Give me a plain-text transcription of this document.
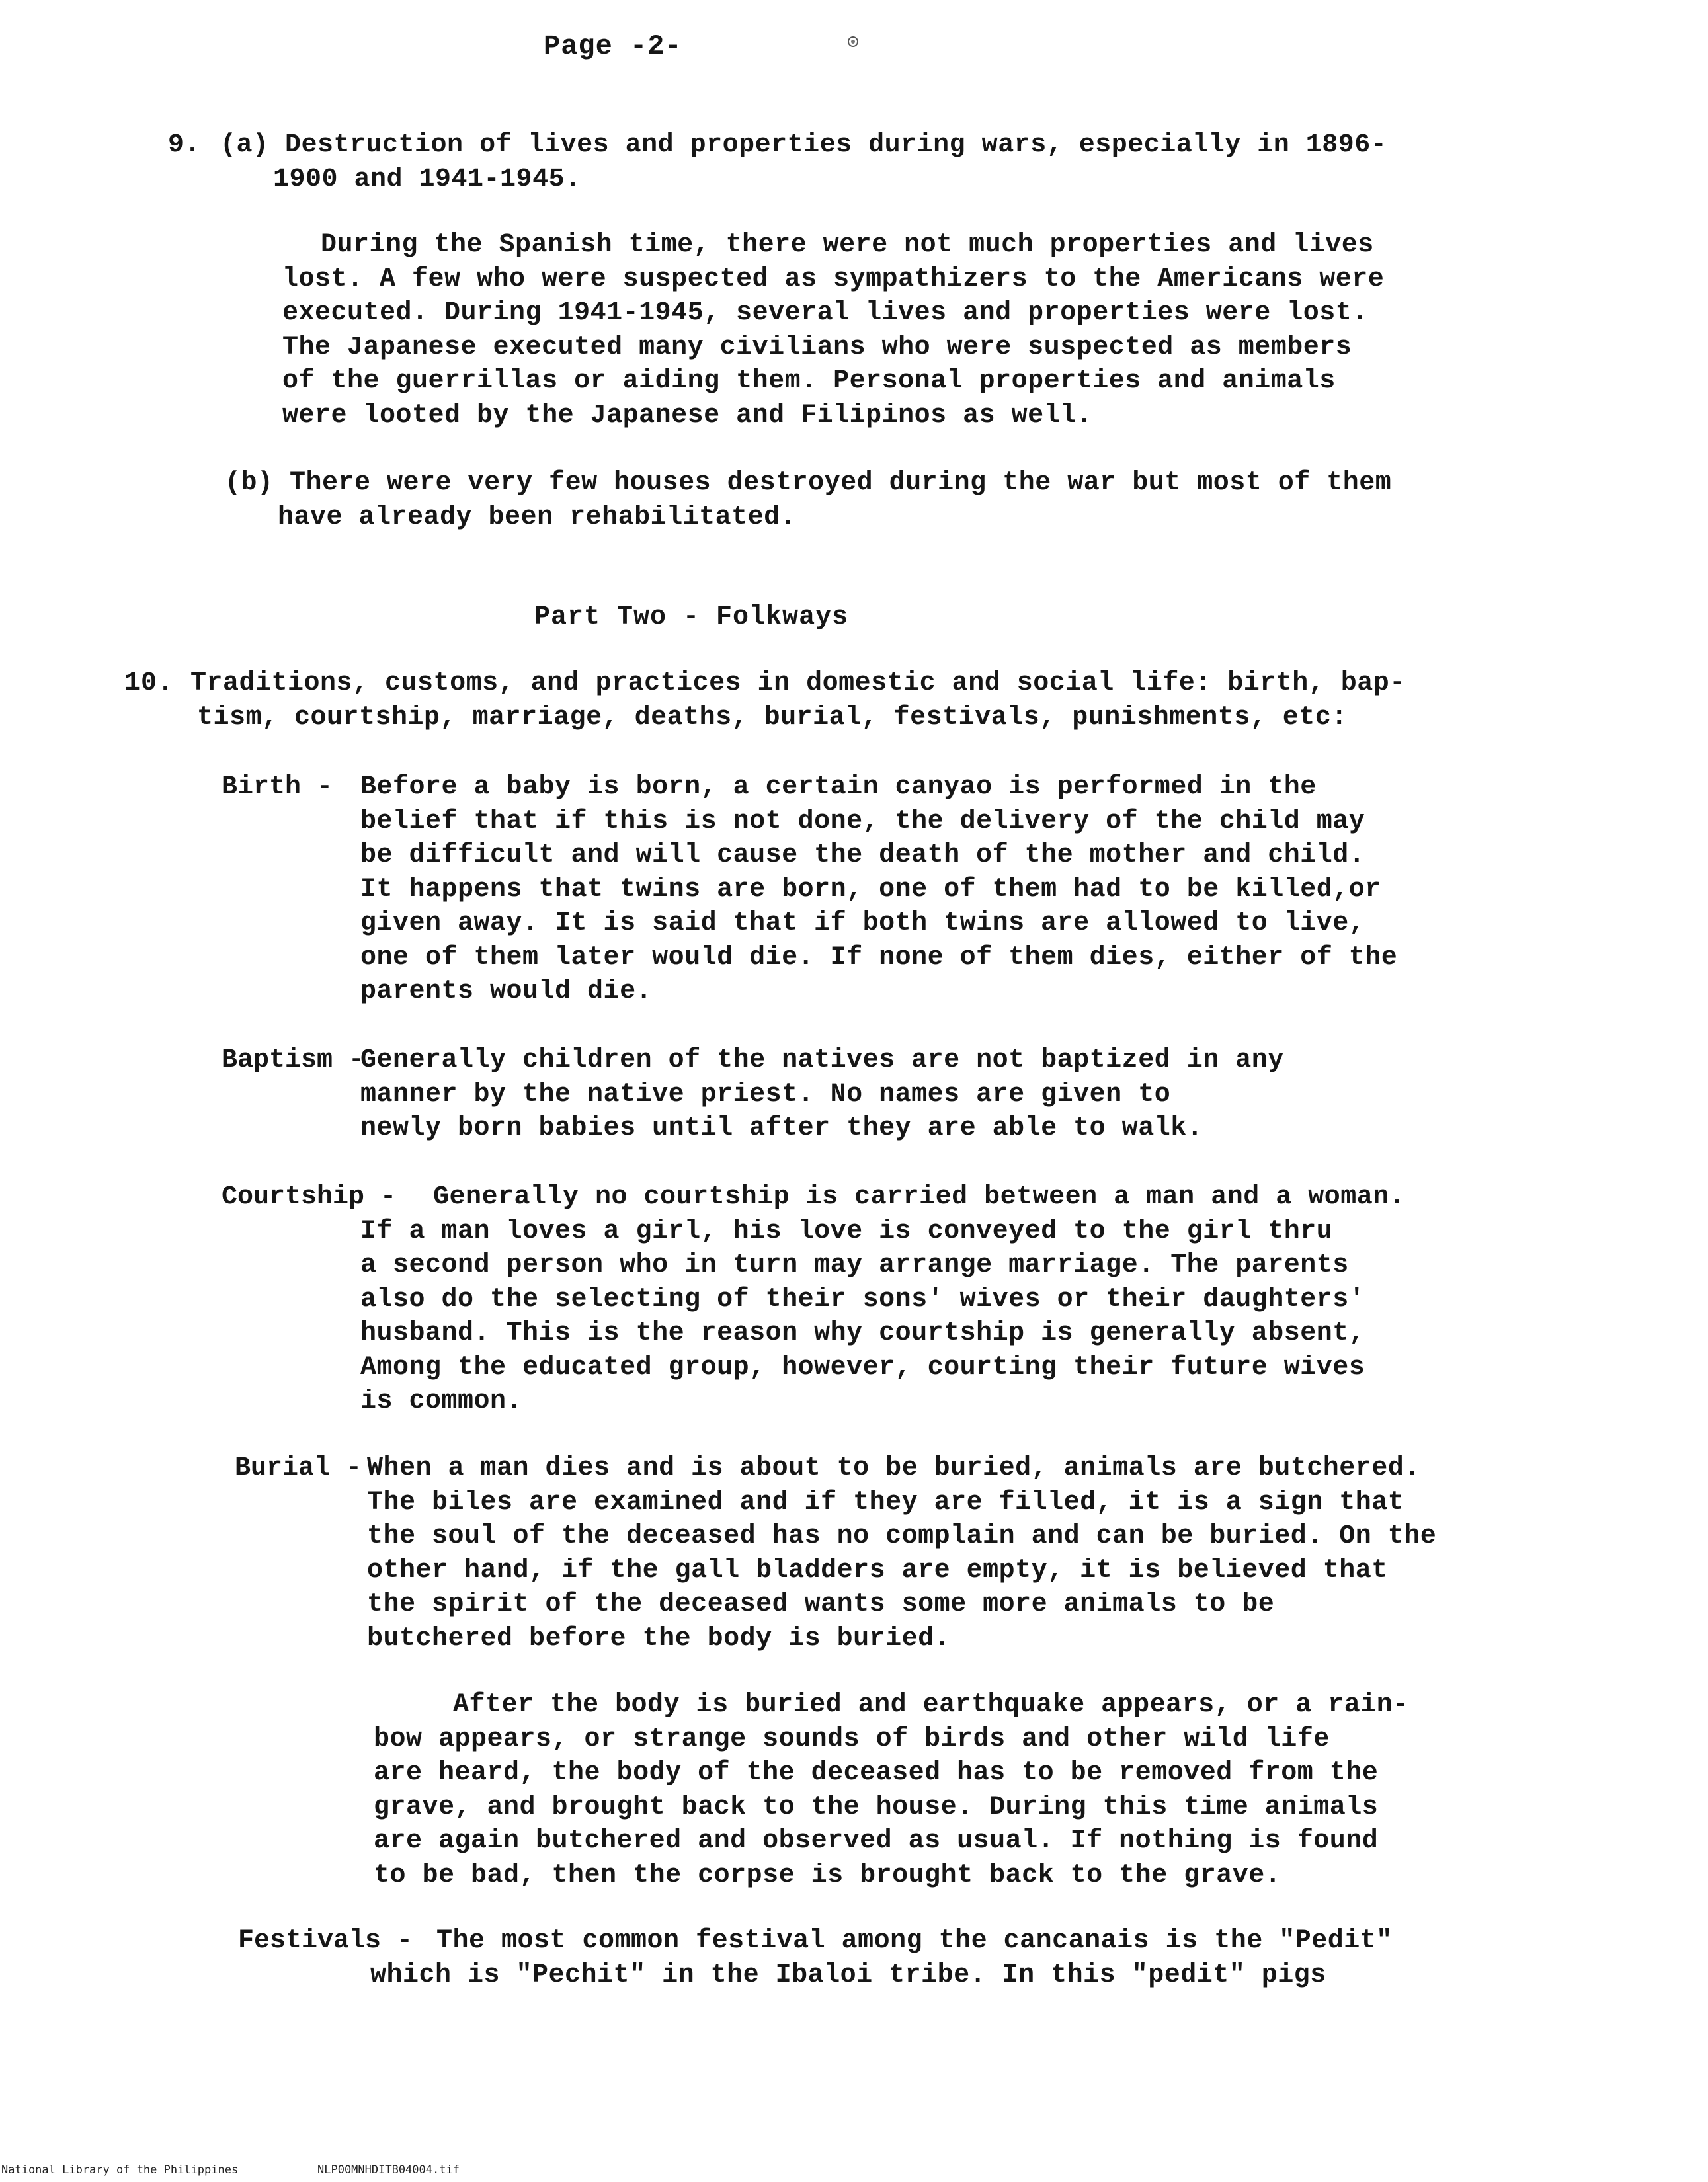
Page -2-
9. (a) Destruction of lives and properties during wars, especially in 1896-
1900 and 1941-1945.
During the Spanish time, there were not much properties and lives
lost. A few who were suspected as sympathizers to the Americans were
executed. During 1941-1945, several lives and properties were lost.
The Japanese executed many civilians who were suspected as members
of the guerrillas or aiding them. Personal properties and animals
were looted by the Japanese and Filipinos as well.
(b) There were very few houses destroyed during the war but most of them
have already been rehabilitated.
Part Two - Folkways
10. Traditions, customs, and practices in domestic and social life: birth, bap-
tism, courtship, marriage, deaths, burial, festivals, punishments, etc:
Birth - Before a baby is born, a certain canyao is performed in the
belief that if this is not done, the delivery of the child may
be difficult and will cause the death of the mother and child.
It happens that twins are born, one of them had to be killed,or
given away. It is said that if both twins are allowed to live,
one of them later would die. If none of them dies, either of the
parents would die.
Baptism -
Generally children of the natives are not baptized in any
manner by the native priest. No names are given to
newly born babies until after they are able to walk.
Courtship - Generally no courtship is carried between a man and a woman.
If a man loves a girl, his love is conveyed to the girl thru
a second person who in turn may arrange marriage. The parents
also do the selecting of their sons' wives or their daughters'
husband. This is the reason why courtship is generally absent,
Among the educated group, however, courting their future wives
is common.
Burial - When a man dies and is about to be buried, animals are butchered.
The biles are examined and if they are filled, it is a sign that
the soul of the deceased has no complain and can be buried. On the
other hand, if the gall bladders are empty, it is believed that
the spirit of the deceased wants some more animals to be
butchered before the body is buried.
After the body is buried and earthquake appears, or a rain-
bow appears, or strange sounds of birds and other wild life
are heard, the body of the deceased has to be removed from the
grave, and brought back to the house. During this time animals
are again butchered and observed as usual. If nothing is found
to be bad, then the corpse is brought back to the grave.
Festivals - The most common festival among the cancanais is the "Pedit"
which is "Pechit" in the Ibaloi tribe. In this "pedit" pigs
National Library of the Philippines	NLP00MNHDITB04004.tif
